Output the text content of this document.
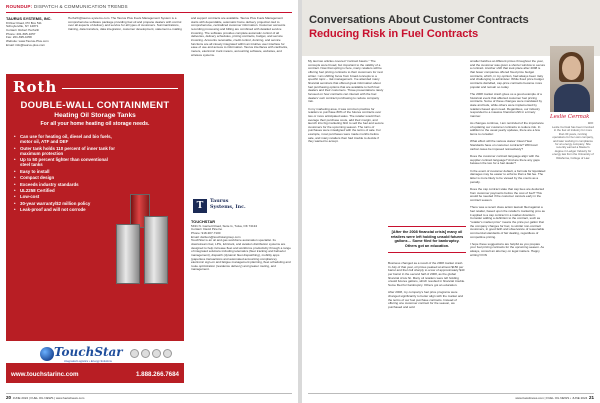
ROUNDUP: DISPATCH & COMMUNICATION TRENDS
TAURUS SYSTEMS, INC.
8 River Road, PO Box 511
Schuylerville, NY 12871
Contact: Robert Herfurth
Phone: 201-695-1057
Fax: 201-695-1058
Website: www.Taurus-Plus.com
Email: info@taurus-plus.com
Herfurth@taurus-systems.com. The Taurus Plus Fuels Management System is a comprehensive software package providing fuel oil and propane dealers with control over all aspects of delivery and service for all types of customers. Summarizations, training, data transfers, data integration, customer development, statement e-mailing
and support contracts are available. Taurus Plus Fuels Management starts with dependable, automatic home delivery projection tied to comprehensive, centralized customer information. Customer accounts recording processing and billing are combined with detailed service invoicing. The software provides complete automatic control of all deliveries, delivery schedules, pricing contracts, budget, and service invoicing. Accounts receivable, credit control, dunning, and service functions are all closely integrated within an intuitive user interface for ease of use and access to information. Taurus interfaces with cardlocks, meters, electronic truck meters, accounting software, websites, and wireless systems.
T	Taurus
Systems, Inc.
TOUCHSTAR
5431 N. Garnett Road, Suite G, Tulsa, OK 74134
Contact: David Picerno
Phone: 918-307-7100
Email: dwilson@touchstargroup.com
TouchStar is an oil and gas workforce automation specialist. Its downstream fuel, LPG, lubricant, and aviation distribution systems are designed to help increase fleet and workforce productivity through a range of integrated solutions including telematics (fleet tracking and behavior management), dispatch (dynamic fleet dispatching), mobility apps (paperless transactions and automated accounting compliance), electronic sign-on and fatigue management planning, fleet scheduling and route optimization (residence delivery) and greater routing, and management.
Roth
DOUBLE-WALL CONTAINMENT
Heating Oil Storage Tanks
For all your home heating oil storage needs.
• Can use for heating oil, diesel and bio fuels, motor oil, ATF and DEF
• Outer tank holds 110 percent of inner tank for maximum protection
• Up to 50 percent lighter than conventional steel tanks
• Easy to install
• Compact design
• Exceeds industry standards
• UL2258 Certified
• Low-cost
• 30-year warranty/$2 million policy
• Leak-proof and will not corrode
TouchStar
Integrated Logistics • Energy Solutions
www.touchstarinc.com	1.888.266.7684
20 JUNE 2024 | FUEL OIL NEWS | www.fueloilnews.com
Conversations About Customer Contracts
Reducing Risk in Fuel Contracts
Leslie Cermak
BIO
Leslie Cermak has been involved in the fuel oil industry for more than 30 years, running operations for her own company, and later working in compliance for an energy company. She recently earned a Master's degree in Ledger Industry for energy law from the University of Oklahoma, College of Law.
My last two articles covered "contract basics." The concepts were broad, but important to the validity of a contract. Now that spring is here, many retailers will be offering fuel pricing contracts to their customers for next winter. I am shifting focus from broad concepts to a specific topic – risk management. I've attended many financial seminars that offered great information about fuel purchasing options that are available to both fuel dealers and their customers. Those presentations rarely focused on how contracts can interact with the fuel dealers' own contract purchasing to reduce company risk.

In my marketing area, it was common practice for retailers to purchase 80% of the futures contracts over two or more anticipated sales. The retailer would then average their purchase costs, add their margin, and launch into big marketing blitz to sell the fuel and secure customers for the upcoming season. The turns of purchases were misaligned with the terms of sale. For example, most purchases were made months before sale, and many retailers then had trouble to decide if they wanted to accept.
[After the 2008 financial crisis] many oil retailers were left holding unsold futures gallons… Some filed for bankruptcy. Others got an education.
Business changed as a result of the 2008 market crash. In July of that year, oil prices peaked at almost $150 per barrel and then fell sharply to a low of approximately $40 per barrel in the second half of 2008, as the global financial crisis hit. Many oil retailers were left holding unsold futures gallons, which resulted in financial trouble. Some filed for bankruptcy. Others got an education.

After 2008, my company's fuel price programs were changed significantly to better align with the market and the terms of our fuel purchase contracts. Instead of offering one customer contract for the season, we purchased and sold
smaller batches at different prices throughout the year, and the customer was given a shorter window to secure a contract. Another shift that took place after 2008 is that fewer companies offered fixed price budget contracts, which, in my opinion, had always been risky and challenging to administer. While fixed price budget contracts dwindled, cap-price contracts became more popular and remain so today.

The 2008 market crash gives us a good example of a historical event that affected customer fuel pricing contracts. Some of these changes were mandated by state and feds, while others were implemented by retailers based upon need. Regardless, our industry responded to a massive financial shift in a timely manner.

As changes continue, I am reminded of the importance of updating our customer contracts to reduce risk. In addition to the usual yearly updates, there are a few items to consider:

What effect will the various states' Clean Heat Standards have on customer contracts? Will fossil carbon taxes be imposed retroactively?

Does the customer contract language align with the supplier contract language? And are there any gaps between the two for a fuel dealer?

In the event of customer default, a formula for liquidated damages may be easier to enforce than a flat fee. The latter is more likely to be viewed by the courts as a penalty.

Does the cap contract state that cap fees are deducted from customer payments before the cost of fuel? This would be needed if the customer cancels early in the contract season.

There was a recent class action lawsuit filed against a fuel retailer, based upon the retailer's marketing pros as it applied to a cap contract in a market downturn. Consider adding a definition to the contract, such as "retailer's market price" means the price per gallon that the company charges for fuel, to similar non-contract customers, in good faith and observance of reasonable commercial standards of fair dealing, regardless of competitive pricing.

I hope these suggestions are helpful as you prepare your fuel pricing contracts for the upcoming season. As always, consult an attorney on legal matters. Happy writing! FON
www.fueloilnews.com | FUEL OIL NEWS • JUNE 2024 21
